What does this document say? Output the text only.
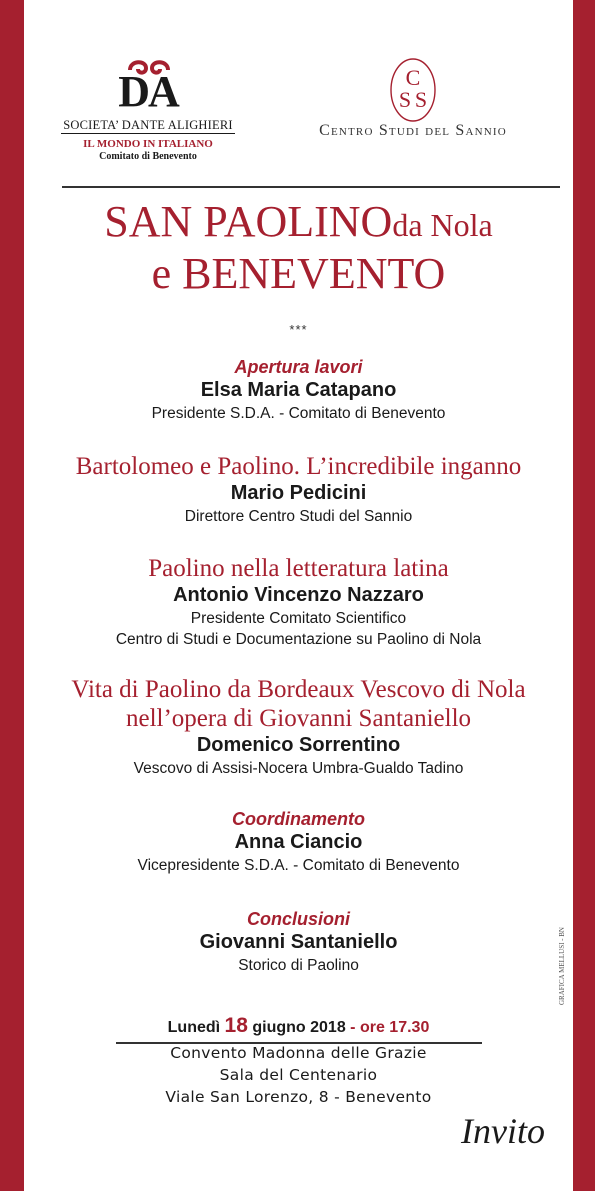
DA
SOCIETA’ DANTE ALIGHIERI
IL MONDO IN ITALIANO
Comitato di Benevento
C
S S
Centro Studi del Sannio
SAN PAOLINOda Nola
e BENEVENTO
***
Apertura lavori
Elsa Maria Catapano
Presidente S.D.A. - Comitato di Benevento
Bartolomeo e Paolino. L’incredibile inganno
Mario Pedicini
Direttore Centro Studi del Sannio
Paolino nella letteratura latina
Antonio Vincenzo Nazzaro
Presidente Comitato Scientifico
Centro di Studi e Documentazione su Paolino di Nola
Vita di Paolino da Bordeaux Vescovo di Nola
nell’opera di Giovanni Santaniello
Domenico Sorrentino
Vescovo di Assisi-Nocera Umbra-Gualdo Tadino
Coordinamento
Anna Ciancio
Vicepresidente S.D.A. - Comitato di Benevento
Conclusioni
Giovanni Santaniello
Storico di Paolino
Lunedì 18 giugno 2018 - ore 17.30
Convento Madonna delle Grazie
Sala del Centenario
Viale San Lorenzo, 8 - Benevento
Invito
GRAFICA MELLUSI - BN
